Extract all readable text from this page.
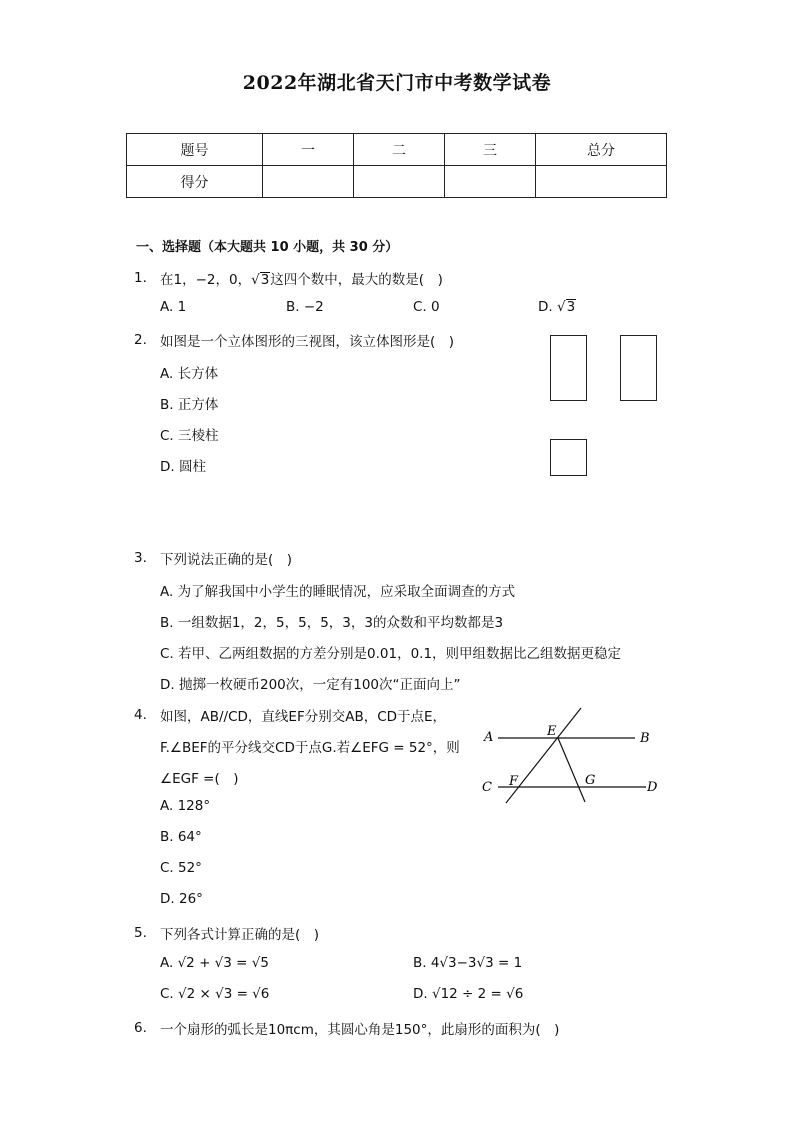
2022年湖北省天门市中考数学试卷
题号	一	二	三	总分
得分				
一、选择题（本大题共 10 小题，共 30 分）
1. 在1，−2，0，√3这四个数中，最大的数是(　)
A. 1	B. −2	C. 0	D. √3
2. 如图是一个立体图形的三视图，该立体图形是(　)
A. 长方体
B. 正方体
C. 三棱柱
D. 圆柱
3. 下列说法正确的是(　)
A. 为了解我国中小学生的睡眠情况，应采取全面调查的方式
B. 一组数据1，2，5，5，5，3，3的众数和平均数都是3
C. 若甲、乙两组数据的方差分别是0.01，0.1，则甲组数据比乙组数据更稳定
D. 抛掷一枚硬币200次，一定有100次“正面向上”
4. 如图，AB//CD，直线EF分别交AB，CD于点E，
F.∠BEF的平分线交CD于点G.若∠EFG = 52°，则
∠EGF =(　)
A. 128°
B. 64°
C. 52°
D. 26°
A	B
C	D
E
F	G
5. 下列各式计算正确的是(　)
A. √2 + √3 = √5	B. 4√3−3√3 = 1
C. √2 × √3 = √6	D. √12 ÷ 2 = √6
6. 一个扇形的弧长是10πcm，其圆心角是150°，此扇形的面积为(　)
